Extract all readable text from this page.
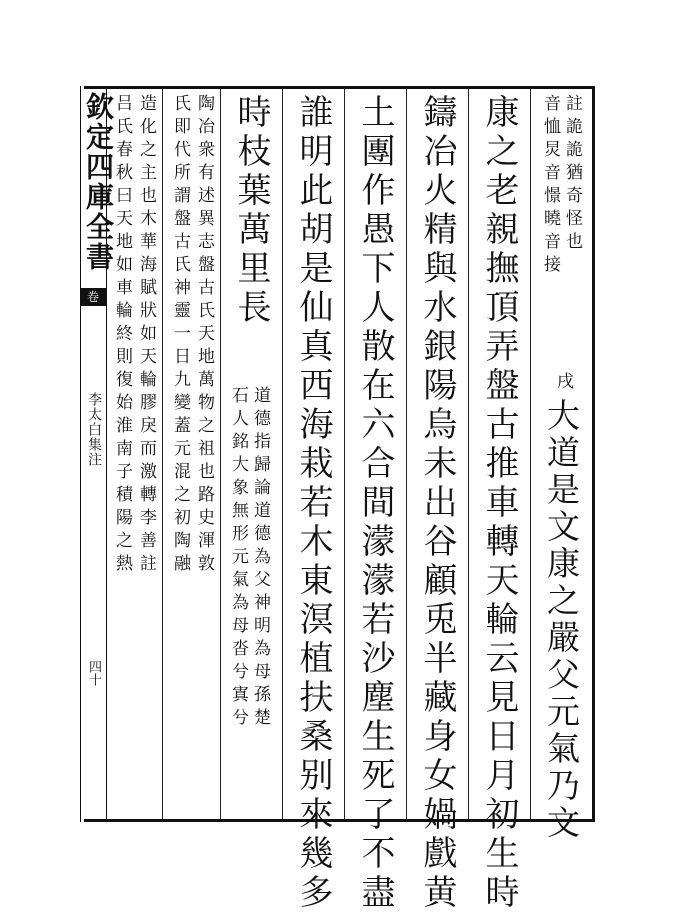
欽定四庫全書
卷
李太白集注
四十
註詭詭猶奇怪也
音恤炅音憬曉音接
戌
大道是文康之嚴父元氣乃文
康之老親撫頂弄盤古推車轉天輪云見日月初生時
鑄冶火精與水銀陽烏未出谷顧兎半藏身女媧戲黄
土團作愚下人散在六合間濛濛若沙塵生死了不盡
誰明此胡是仙真西海栽若木東溟植扶桑别來幾多
時枝葉萬里長
道德指歸論道德為父神明為母孫楚
石人銘大象無形元氣為母沓兮寘兮
陶冶衆有述異志盤古氏天地萬物之祖也路史渾敦
氏即代所謂盤古氏神靈一日九變蓋元混之初陶融
造化之主也木華海賦狀如天輪膠戾而激轉李善註
吕氏春秋曰天地如車輪終則復始淮南子積陽之熱
